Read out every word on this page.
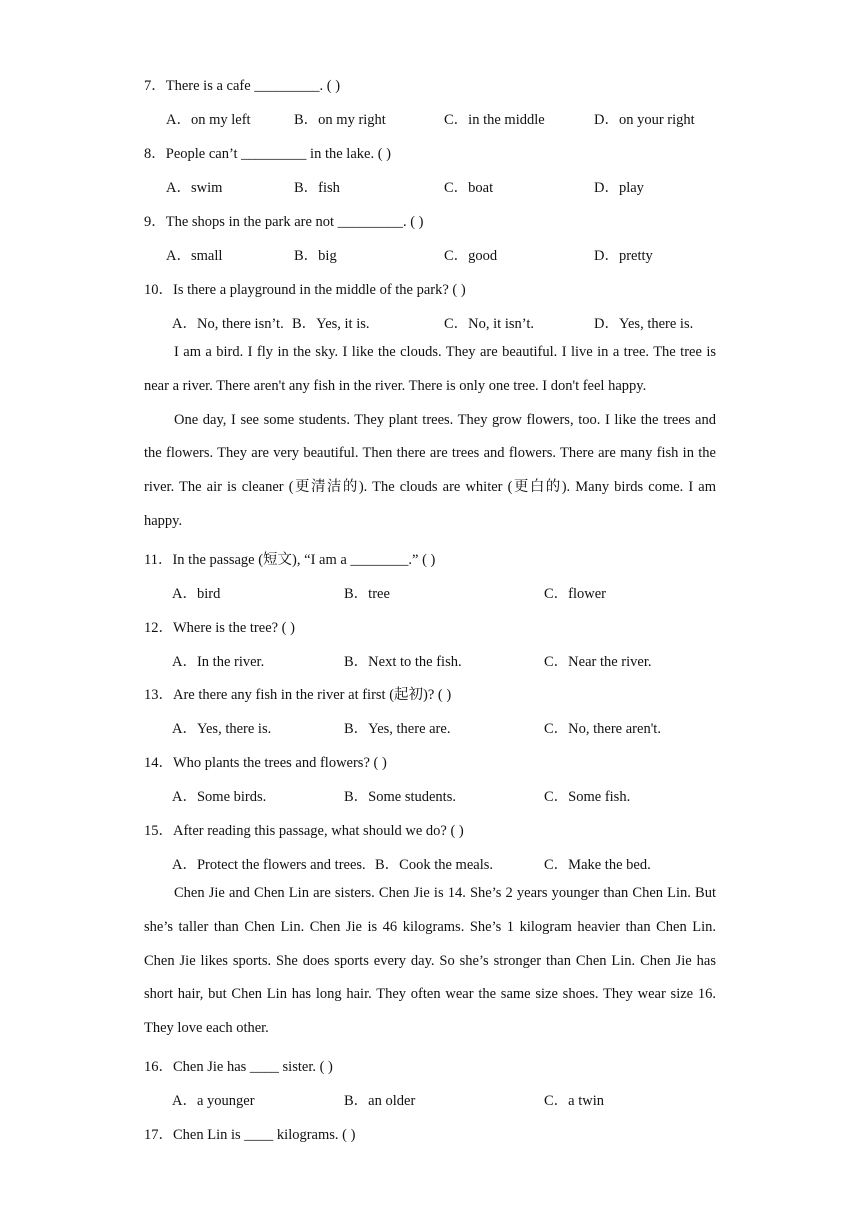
7．There is a cafe _________. ( )
A．on my left	B．on my right	C．in the middle	D．on your right
8．People can’t _________ in the lake. ( )
A．swim	B．fish	C．boat	D．play
9．The shops in the park are not _________. ( )
A．small	B．big	C．good	D．pretty
10．Is there a playground in the middle of the park? ( )
A．No, there isn’t. B．Yes, it is.	C．No, it isn’t.	D．Yes, there is.

I am a bird. I fly in the sky. I like the clouds. They are beautiful. I live in a tree. The tree is near a river. There aren't any fish in the river. There is only one tree. I don't feel happy.

One day, I see some students. They plant trees. They grow flowers, too. I like the trees and the flowers. They are very beautiful. Then there are trees and flowers. There are many fish in the river. The air is cleaner (更清洁的). The clouds are whiter (更白的). Many birds come. I am happy.

11．In the passage (短文), “I am a ________.” ( )
A．bird	B．tree	C．flower
12．Where is the tree? ( )
A．In the river.	B．Next to the fish.	C．Near the river.
13．Are there any fish in the river at first (起初)? ( )
A．Yes, there is.	B．Yes, there are.	C．No, there aren't.
14．Who plants the trees and flowers? ( )
A．Some birds.	B．Some students.	C．Some fish.
15．After reading this passage, what should we do? ( )
A．Protect the flowers and trees. B．Cook the meals.	C．Make the bed.

Chen Jie and Chen Lin are sisters. Chen Jie is 14. She’s 2 years younger than Chen Lin. But she’s taller than Chen Lin. Chen Jie is 46 kilograms. She’s 1 kilogram heavier than Chen Lin. Chen Jie likes sports. She does sports every day. So she’s stronger than Chen Lin. Chen Jie has short hair, but Chen Lin has long hair. They often wear the same size shoes. They wear size 16. They love each other.

16．Chen Jie has ____ sister. ( )
A．a younger	B．an older	C．a twin
17．Chen Lin is ____ kilograms. ( )
